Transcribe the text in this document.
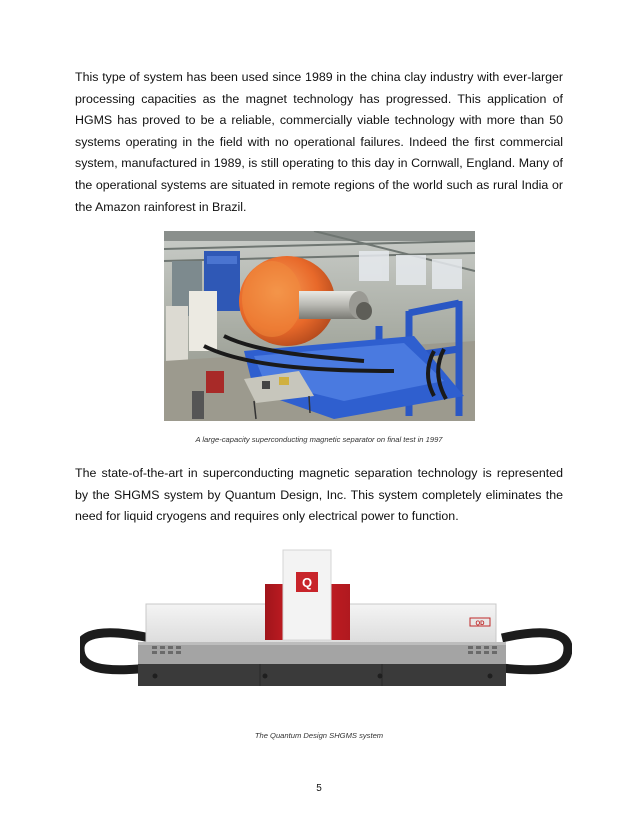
This type of system has been used since 1989 in the china clay industry with ever-larger processing capacities as the magnet technology has progressed. This application of HGMS has proved to be a reliable, commercially viable technology with more than 50 systems operating in the field with no operational failures. Indeed the first commercial system, manufactured in 1989, is still operating to this day in Cornwall, England. Many of the operational systems are situated in remote regions of the world such as rural India or the Amazon rainforest in Brazil.

A large-capacity superconducting magnetic separator on final test in 1997

The state-of-the-art in superconducting magnetic separation technology is represented by the SHGMS system by Quantum Design, Inc. This system completely eliminates the need for liquid cryogens and requires only electrical power to function.

Q
QD

The Quantum Design SHGMS system

5
